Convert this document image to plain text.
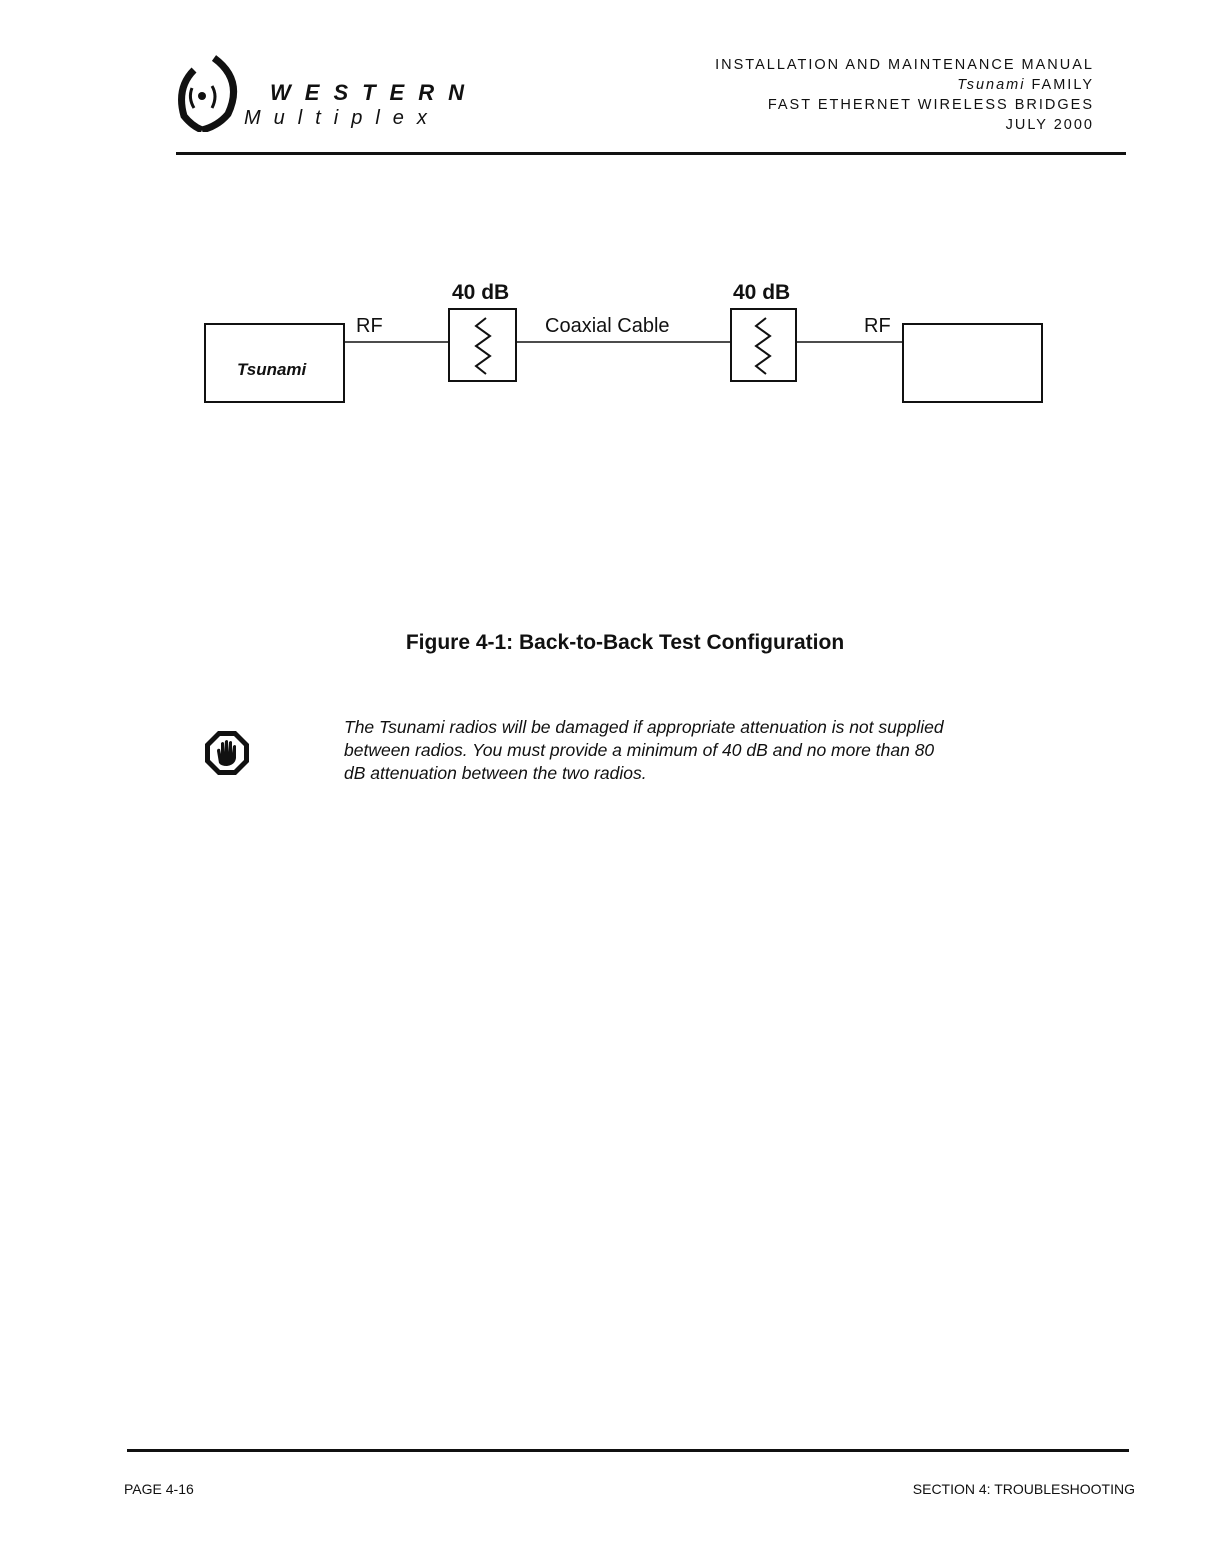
WESTERN
Multiplex
INSTALLATION AND MAINTENANCE MANUAL
Tsunami FAMILY
FAST ETHERNET WIRELESS BRIDGES
JULY 2000
40 dB	40 dB
RF	RF
Coaxial Cable
Tsunami
Figure 4-1: Back-to-Back Test Configuration
The Tsunami radios will be damaged if appropriate attenuation is not supplied between radios. You must provide a minimum of 40 dB and no more than 80 dB attenuation between the two radios.
PAGE 4-16	SECTION 4: TROUBLESHOOTING
